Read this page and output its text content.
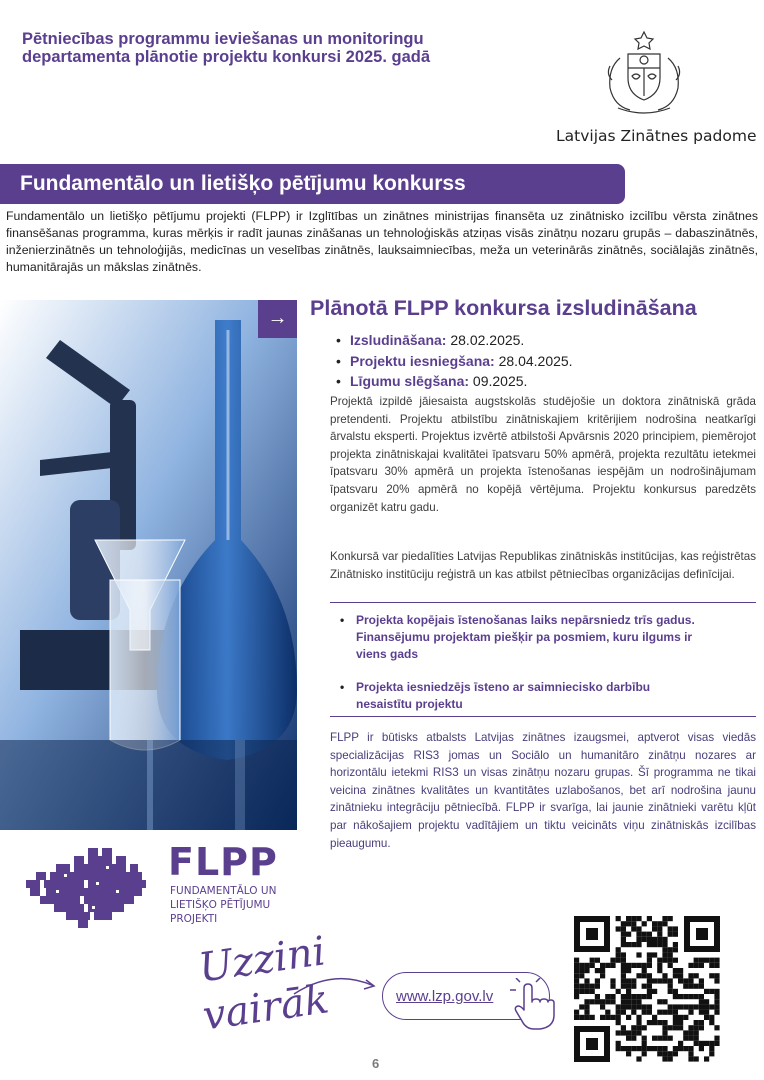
Pētniecības programmu ieviešanas un monitoringu departamenta plānotie projektu konkursi 2025. gadā
Latvijas Zinātnes padome
Fundamentālo un lietišķo pētījumu konkurss
Fundamentālo un lietišķo pētījumu projekti (FLPP) ir Izglītības un zinātnes ministrijas finansēta uz zinātnisko izcilību vērsta zinātnes finansēšanas programma, kuras mērķis ir radīt jaunas zināšanas un tehnoloģiskās atziņas visās zinātņu nozaru grupās – dabaszinātnēs, inženierzinātnēs un tehnoloģijās, medicīnas un veselības zinātnēs, lauksaimniecības, meža un veterinārās zinātnēs, sociālajās zinātnēs, humanitārajās un mākslas zinātnēs.
→	Plānotā FLPP konkursa izsludināšana
• Izsludināšana: 28.02.2025.
• Projektu iesniegšana: 28.04.2025.
• Līgumu slēgšana: 09.2025.
Projektā izpildē jāiesaista augstskolās studējošie un doktora zinātniskā grāda pretendenti. Projektu atbilstību zinātniskajiem kritērijiem nodrošina neatkarīgi ārvalstu eksperti. Projektus izvērtē atbilstoši Apvārsnis 2020 principiem, piemērojot projekta zinātniskajai kvalitātei īpatsvaru 50% apmērā, projekta rezultātu ietekmei īpatsvaru 30% apmērā un projekta īstenošanas iespējām un nodrošinājumam īpatsvaru 20% apmērā no kopējā vērtējuma. Projektu konkursus paredzēts organizēt katru gadu.
Konkursā var piedalīties Latvijas Republikas zinātniskās institūcijas, kas reģistrētas Zinātnisko institūciju reģistrā un kas atbilst pētniecības organizācijas definīcijai.
• Projekta kopējais īstenošanas laiks nepārsniedz trīs gadus. Finansējumu projektam piešķir pa posmiem, kuru ilgums ir viens gads
• Projekta iesniedzējs īsteno ar saimniecisko darbību nesaistītu projektu
FLPP ir būtisks atbalsts Latvijas zinātnes izaugsmei, aptverot visas viedās specializācijas RIS3 jomas un Sociālo un humanitāro zinātņu nozares ar horizontālu ietekmi RIS3 un visas zinātņu nozaru grupas. Šī programma ne tikai veicina zinātnes kvalitātes un kvantitātes uzlabošanos, bet arī nodrošina jaunu zinātnieku integrāciju pētniecībā. FLPP ir svarīga, lai jaunie zinātnieki varētu kļūt par nākošajiem projektu vadītājiem un tiktu veicināts viņu zinātniskās izcilības pieaugumu.
FLPP
FUNDAMENTĀLO UN LIETIŠĶO PĒTĪJUMU PROJEKTI
Uzzini
vairāk	www.lzp.gov.lv
6
